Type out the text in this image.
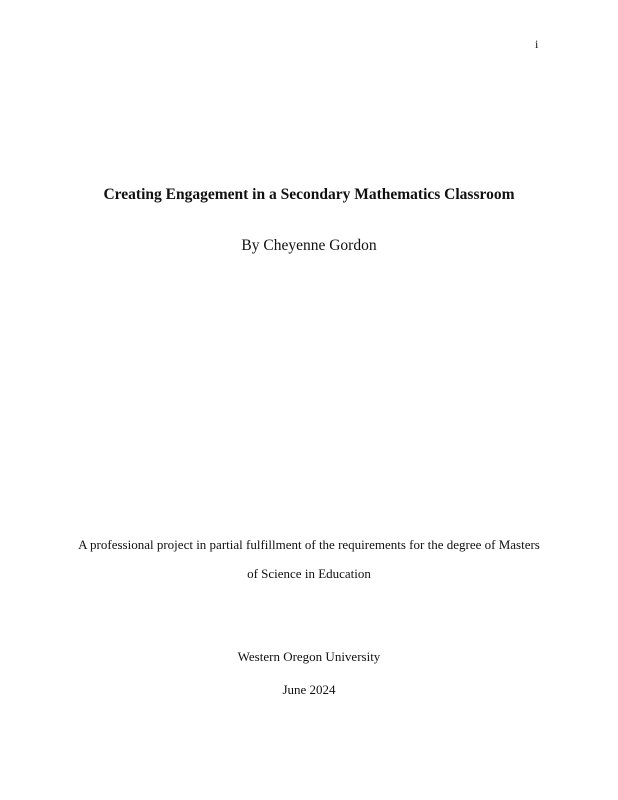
i
Creating Engagement in a Secondary Mathematics Classroom
By Cheyenne Gordon
A professional project in partial fulfillment of the requirements for the degree of Masters
of Science in Education
Western Oregon University
June 2024
